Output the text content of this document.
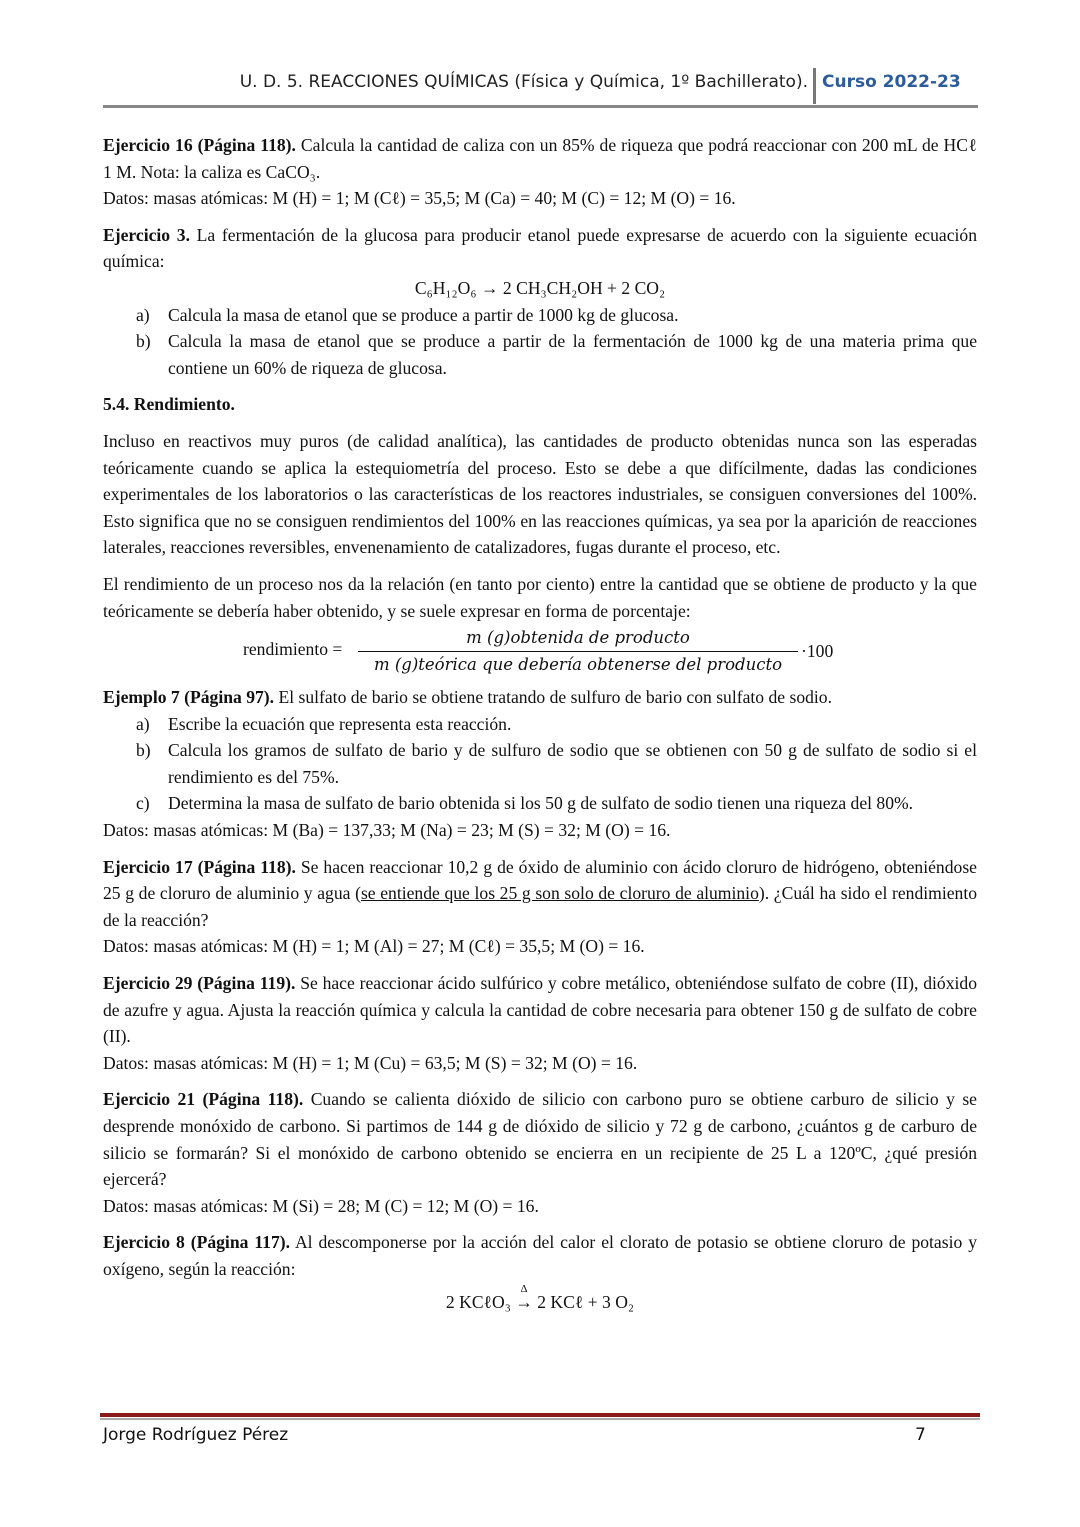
U. D. 5. REACCIONES QUÍMICAS (Física y Química, 1º Bachillerato). Curso 2022-23

Ejercicio 16 (Página 118). Calcula la cantidad de caliza con un 85% de riqueza que podrá reaccionar con 200 mL de HCℓ 1 M. Nota: la caliza es CaCO₃.

Datos: masas atómicas: M (H) = 1; M (Cℓ) = 35,5; M (Ca) = 40; M (C) = 12; M (O) = 16.

Ejercicio 3. La fermentación de la glucosa para producir etanol puede expresarse de acuerdo con la siguiente ecuación química:

C₆H₁₂O₆ → 2 CH₃CH₂OH + 2 CO₂

a) Calcula la masa de etanol que se produce a partir de 1000 kg de glucosa.
b) Calcula la masa de etanol que se produce a partir de la fermentación de 1000 kg de una materia prima que contiene un 60% de riqueza de glucosa.

5.4. Rendimiento.

Incluso en reactivos muy puros (de calidad analítica), las cantidades de producto obtenidas nunca son las esperadas teóricamente cuando se aplica la estequiometría del proceso. Esto se debe a que difícilmente, dadas las condiciones experimentales de los laboratorios o las características de los reactores industriales, se consiguen conversiones del 100%. Esto significa que no se consiguen rendimientos del 100% en las reacciones químicas, ya sea por la aparición de reacciones laterales, reacciones reversibles, envenenamiento de catalizadores, fugas durante el proceso, etc.

El rendimiento de un proceso nos da la relación (en tanto por ciento) entre la cantidad que se obtiene de producto y la que teóricamente se debería haber obtenido, y se suele expresar en forma de porcentaje:

rendimiento =
m (g)obtenida de producto
m (g)teórica que debería obtenerse del producto
·100

Ejemplo 7 (Página 97). El sulfato de bario se obtiene tratando de sulfuro de bario con sulfato de sodio.

a) Escribe la ecuación que representa esta reacción.
b) Calcula los gramos de sulfato de bario y de sulfuro de sodio que se obtienen con 50 g de sulfato de sodio si el rendimiento es del 75%.
c) Determina la masa de sulfato de bario obtenida si los 50 g de sulfato de sodio tienen una riqueza del 80%.

Datos: masas atómicas: M (Ba) = 137,33; M (Na) = 23; M (S) = 32; M (O) = 16.

Ejercicio 17 (Página 118). Se hacen reaccionar 10,2 g de óxido de aluminio con ácido cloruro de hidrógeno, obteniéndose 25 g de cloruro de aluminio y agua (se entiende que los 25 g son solo de cloruro de aluminio). ¿Cuál ha sido el rendimiento de la reacción?

Datos: masas atómicas: M (H) = 1; M (Al) = 27; M (Cℓ) = 35,5; M (O) = 16.

Ejercicio 29 (Página 119). Se hace reaccionar ácido sulfúrico y cobre metálico, obteniéndose sulfato de cobre (II), dióxido de azufre y agua. Ajusta la reacción química y calcula la cantidad de cobre necesaria para obtener 150 g de sulfato de cobre (II).

Datos: masas atómicas: M (H) = 1; M (Cu) = 63,5; M (S) = 32; M (O) = 16.

Ejercicio 21 (Página 118). Cuando se calienta dióxido de silicio con carbono puro se obtiene carburo de silicio y se desprende monóxido de carbono. Si partimos de 144 g de dióxido de silicio y 72 g de carbono, ¿cuántos g de carburo de silicio se formarán? Si el monóxido de carbono obtenido se encierra en un recipiente de 25 L a 120ºC, ¿qué presión ejercerá?

Datos: masas atómicas: M (Si) = 28; M (C) = 12; M (O) = 16.

Ejercicio 8 (Página 117). Al descomponerse por la acción del calor el clorato de potasio se obtiene cloruro de potasio y oxígeno, según la reacción:

2 KCℓO₃
Δ
→ 2 KCℓ + 3 O₂

Jorge Rodríguez Pérez	7
